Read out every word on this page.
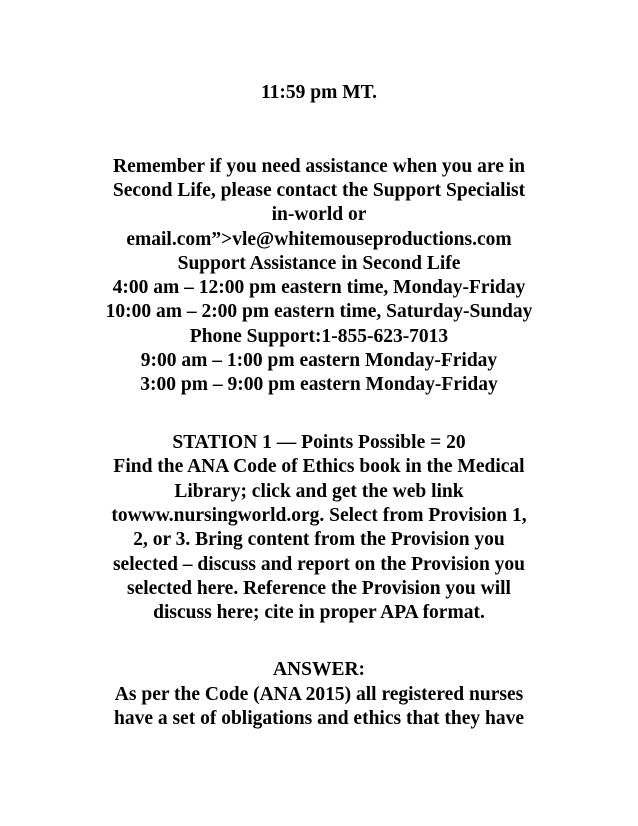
11:59 pm MT.
Remember if you need assistance when you are in
Second Life, please contact the Support Specialist
in-world or
email.com”>vle@whitemouseproductions.com
Support Assistance in Second Life
4:00 am – 12:00 pm eastern time, Monday-Friday
10:00 am – 2:00 pm eastern time, Saturday-Sunday
Phone Support:1-855-623-7013
9:00 am – 1:00 pm eastern Monday-Friday
3:00 pm – 9:00 pm eastern Monday-Friday
STATION 1 — Points Possible = 20
Find the ANA Code of Ethics book in the Medical
Library; click and get the web link
towww.nursingworld.org. Select from Provision 1,
2, or 3. Bring content from the Provision you
selected – discuss and report on the Provision you
selected here. Reference the Provision you will
discuss here; cite in proper APA format.
ANSWER:
As per the Code (ANA 2015) all registered nurses
have a set of obligations and ethics that they have
